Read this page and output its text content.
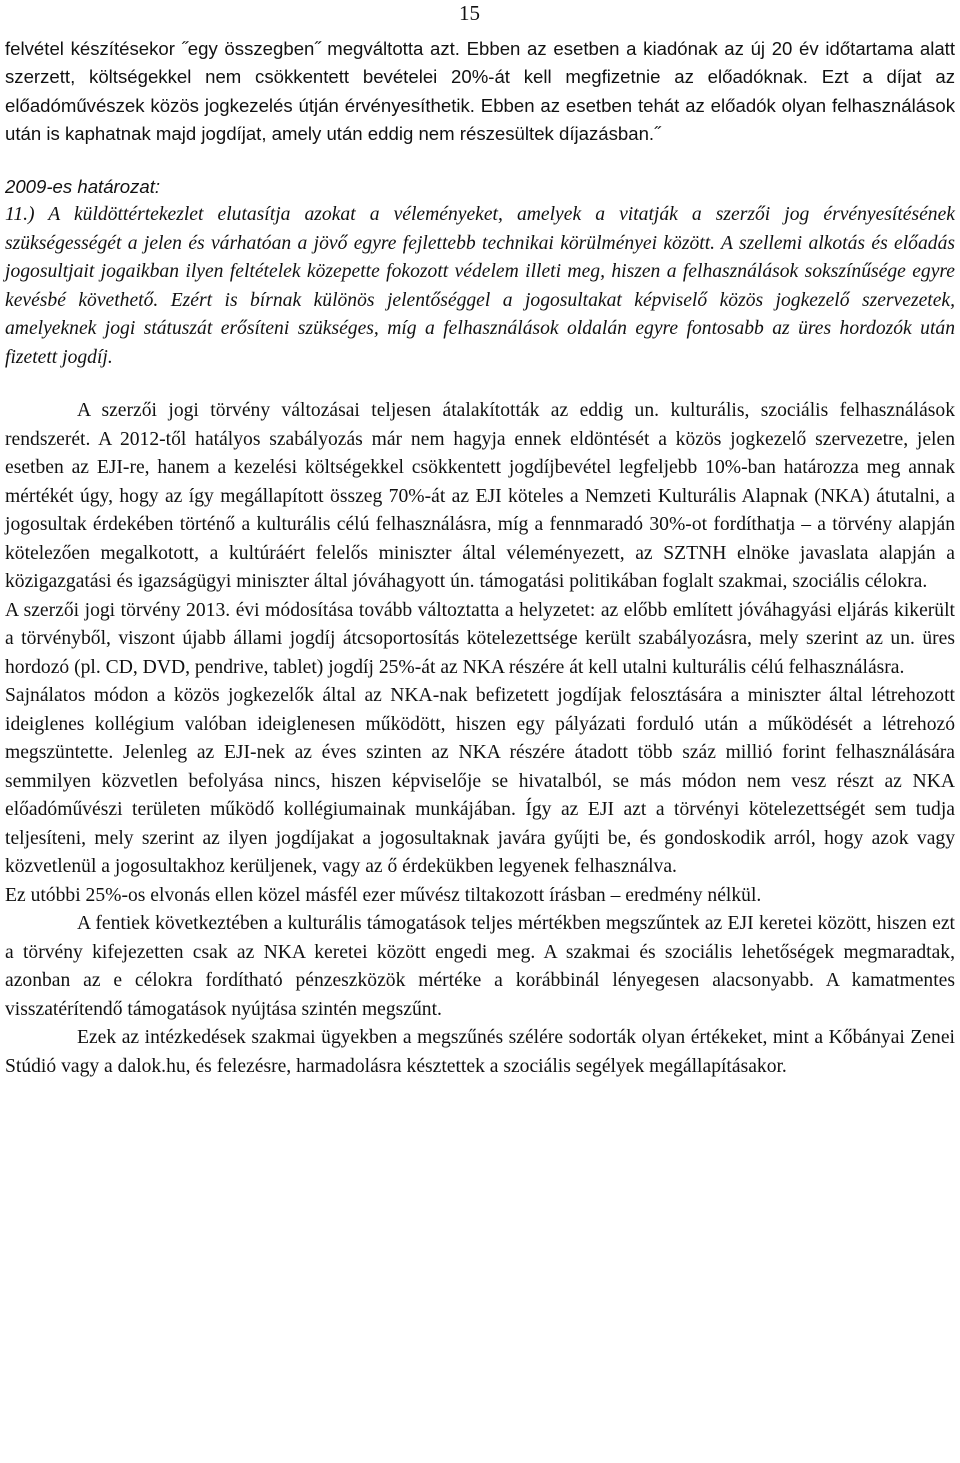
15

felvétel készítésekor ˝egy összegben˝ megváltotta azt. Ebben az esetben a kiadónak az új 20 év időtartama alatt szerzett, költségekkel nem csökkentett bevételei 20%-át kell megfizetnie az előadóknak. Ezt a díjat az előadóművészek közös jogkezelés útján érvényesíthetik. Ebben az esetben tehát az előadók olyan felhasználások után is kaphatnak majd jogdíjat, amely után eddig nem részesültek díjazásban.˝

2009-es határozat:

11.) A küldöttértekezlet elutasítja azokat a véleményeket, amelyek a vitatják a szerzői jog érvényesítésének szükségességét a jelen és várhatóan a jövő egyre fejlettebb technikai körülményei között. A szellemi alkotás és előadás jogosultjait jogaikban ilyen feltételek közepette fokozott védelem illeti meg, hiszen a felhasználások sokszínűsége egyre kevésbé követhető. Ezért is bírnak különös jelentőséggel a jogosultakat képviselő közös jogkezelő szervezetek, amelyeknek jogi státuszát erősíteni szükséges, míg a felhasználások oldalán egyre fontosabb az üres hordozók után fizetett jogdíj.

A szerzői jogi törvény változásai teljesen átalakították az eddig un. kulturális, szociális felhasználások rendszerét. A 2012-től hatályos szabályozás már nem hagyja ennek eldöntését a közös jogkezelő szervezetre, jelen esetben az EJI-re, hanem a kezelési költségekkel csökkentett jogdíjbevétel legfeljebb 10%-ban határozza meg annak mértékét úgy, hogy az így megállapított összeg 70%-át az EJI köteles a Nemzeti Kulturális Alapnak (NKA) átutalni, a jogosultak érdekében történő a kulturális célú felhasználásra, míg a fennmaradó 30%-ot fordíthatja – a törvény alapján kötelezően megalkotott, a kultúráért felelős miniszter által véleményezett, az SZTNH elnöke javaslata alapján a közigazgatási és igazságügyi miniszter által jóváhagyott ún. támogatási politikában foglalt szakmai, szociális célokra.

A szerzői jogi törvény 2013. évi módosítása tovább változtatta a helyzetet: az előbb említett jóváhagyási eljárás kikerült a törvényből, viszont újabb állami jogdíj átcsoportosítás kötelezettsége került szabályozásra, mely szerint az un. üres hordozó (pl. CD, DVD, pendrive, tablet) jogdíj 25%-át az NKA részére át kell utalni kulturális célú felhasználásra.

Sajnálatos módon a közös jogkezelők által az NKA-nak befizetett jogdíjak felosztására a miniszter által létrehozott ideiglenes kollégium valóban ideiglenesen működött, hiszen egy pályázati forduló után a működését a létrehozó megszüntette. Jelenleg az EJI-nek az éves szinten az NKA részére átadott több száz millió forint felhasználására semmilyen közvetlen befolyása nincs, hiszen képviselője se hivatalból, se más módon nem vesz részt az NKA előadóművészi területen működő kollégiumainak munkájában. Így az EJI azt a törvényi kötelezettségét sem tudja teljesíteni, mely szerint az ilyen jogdíjakat a jogosultaknak javára gyűjti be, és gondoskodik arról, hogy azok vagy közvetlenül a jogosultakhoz kerüljenek, vagy az ő érdekükben legyenek felhasználva.

Ez utóbbi 25%-os elvonás ellen közel másfél ezer művész tiltakozott írásban – eredmény nélkül.

A fentiek következtében a kulturális támogatások teljes mértékben megszűntek az EJI keretei között, hiszen ezt a törvény kifejezetten csak az NKA keretei között engedi meg. A szakmai és szociális lehetőségek megmaradtak, azonban az e célokra fordítható pénzeszközök mértéke a korábbinál lényegesen alacsonyabb. A kamatmentes visszatérítendő támogatások nyújtása szintén megszűnt.

Ezek az intézkedések szakmai ügyekben a megszűnés szélére sodorták olyan értékeket, mint a Kőbányai Zenei Stúdió vagy a dalok.hu, és felezésre, harmadolásra késztettek a szociális segélyek megállapításakor.
